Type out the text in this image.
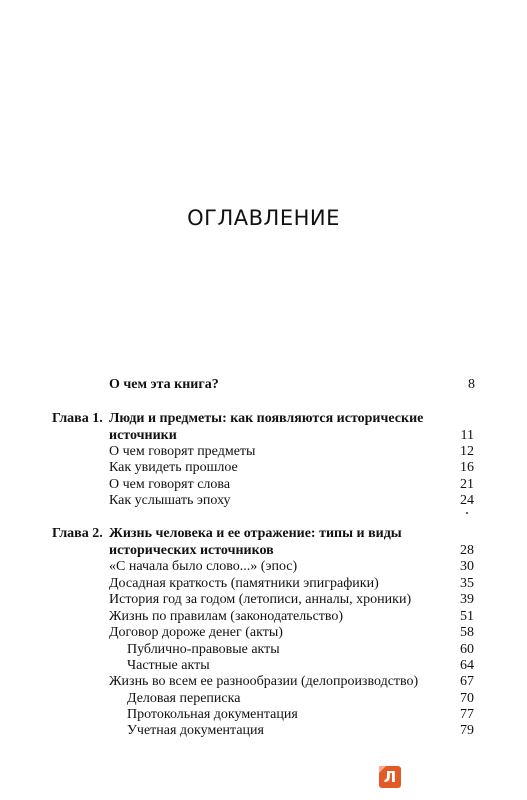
ОГЛАВЛЕНИЕ
О чем эта книга?	8
Глава 1. Люди и предметы: как появляются исторические
источники	11
О чем говорят предметы	12
Как увидеть прошлое	16
О чем говорят слова	21
Как услышать эпоху	24
Глава 2. Жизнь человека и ее отражение: типы и виды
исторических источников	28
«С начала было слово...» (эпос)	30
Досадная краткость (памятники эпиграфики)	35
История год за годом (летописи, анналы, хроники)	39
Жизнь по правилам (законодательство)	51
Договор дороже денег (акты)	58
Публично-правовые акты	60
Частные акты	64
Жизнь во всем ее разнообразии (делопроизводство)	67
Деловая переписка	70
Протокольная документация	77
Учетная документация	79
Л
